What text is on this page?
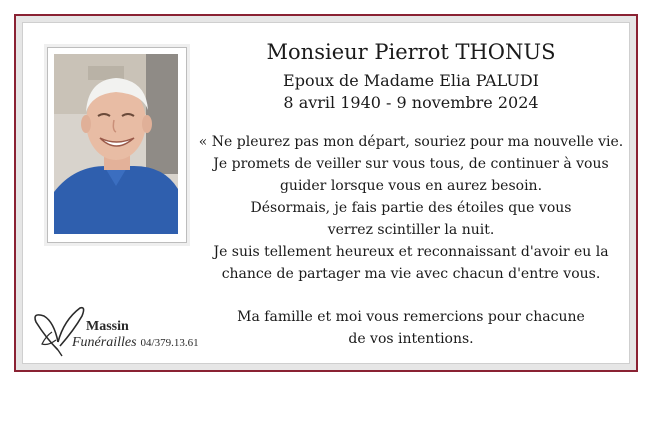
Monsieur Pierrot THONUS
Epoux de Madame Elia PALUDI
8 avril 1940 - 9 novembre 2024
« Ne pleurez pas mon départ, souriez pour ma nouvelle vie.
Je promets de veiller sur vous tous, de continuer à vous
guider lorsque vous en aurez besoin.
Désormais, je fais partie des étoiles que vous
verrez scintiller la nuit.
Je suis tellement heureux et reconnaissant d'avoir eu la
chance de partager ma vie avec chacun d'entre vous.
Ma famille et moi vous remercions pour chacune
de vos intentions.
Massin
Funérailles 04/379.13.61
